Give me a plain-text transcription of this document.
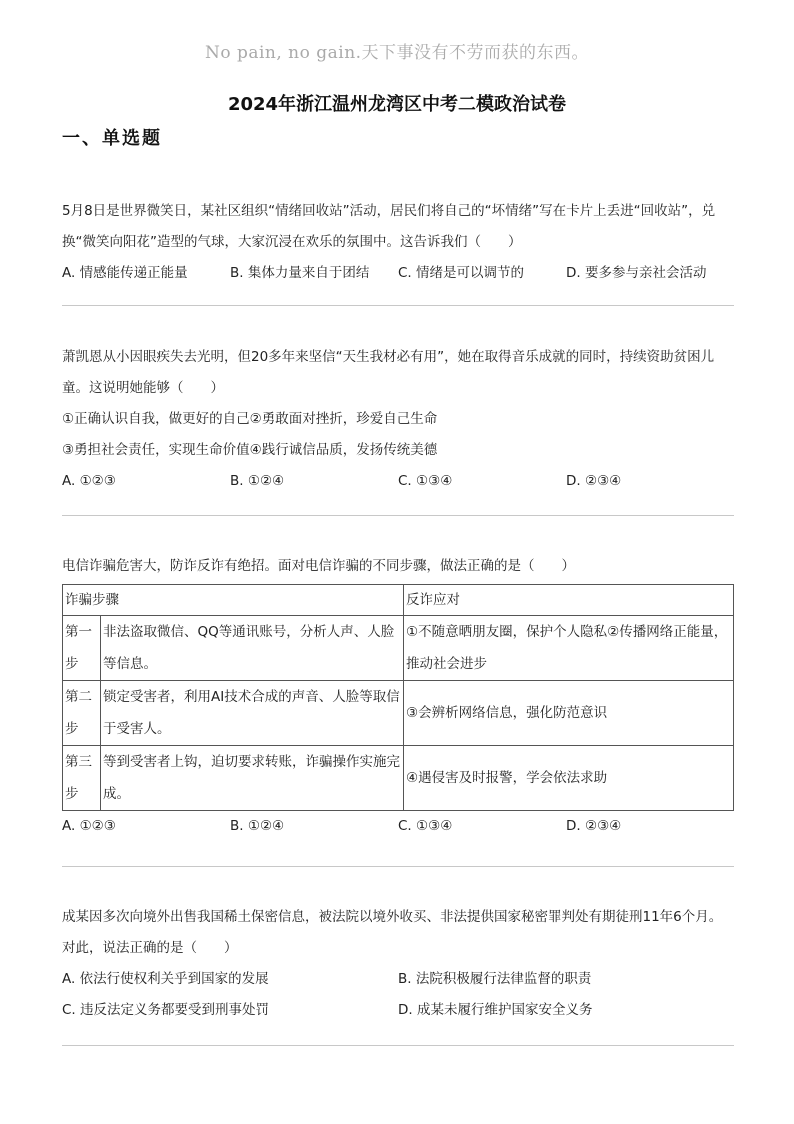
No pain, no gain.天下事没有不劳而获的东西。
2024年浙江温州龙湾区中考二模政治试卷
一、单选题

5月8日是世界微笑日，某社区组织“情绪回收站”活动，居民们将自己的“坏情绪”写在卡片上丢进“回收站”，兑换“微笑向阳花”造型的气球，大家沉浸在欢乐的氛围中。这告诉我们（　　）

A. 情感能传递正能量	B. 集体力量来自于团结 C. 情绪是可以调节的	D. 要多参与亲社会活动

萧凯恩从小因眼疾失去光明，但20多年来坚信“天生我材必有用”，她在取得音乐成就的同时，持续资助贫困儿童。这说明她能够（　　）

①正确认识自我，做更好的自己②勇敢面对挫折，珍爱自己生命

③勇担社会责任，实现生命价值④践行诚信品质，发扬传统美德

A. ①②③	B. ①②④	C. ①③④	D. ②③④

电信诈骗危害大，防诈反诈有绝招。面对电信诈骗的不同步骤，做法正确的是（　　）

诈骗步骤		反诈应对
第一步	非法盗取微信、QQ等通讯账号，分析人声、人脸等信息。	①不随意晒朋友圈，保护个人隐私②传播网络正能量，推动社会进步
第二步	锁定受害者，利用AI技术合成的声音、人脸等取信于受害人。	③会辨析网络信息，强化防范意识
第三步	等到受害者上钩，迫切要求转账，诈骗操作实施完成。	④遇侵害及时报警，学会依法求助
A. ①②③	B. ①②④	C. ①③④	D. ②③④

成某因多次向境外出售我国稀土保密信息，被法院以境外收买、非法提供国家秘密罪判处有期徒刑11年6个月。对此，说法正确的是（　　）

A. 依法行使权利关乎到国家的发展	B. 法院积极履行法律监督的职责
C. 违反法定义务都要受到刑事处罚	D. 成某未履行维护国家安全义务
